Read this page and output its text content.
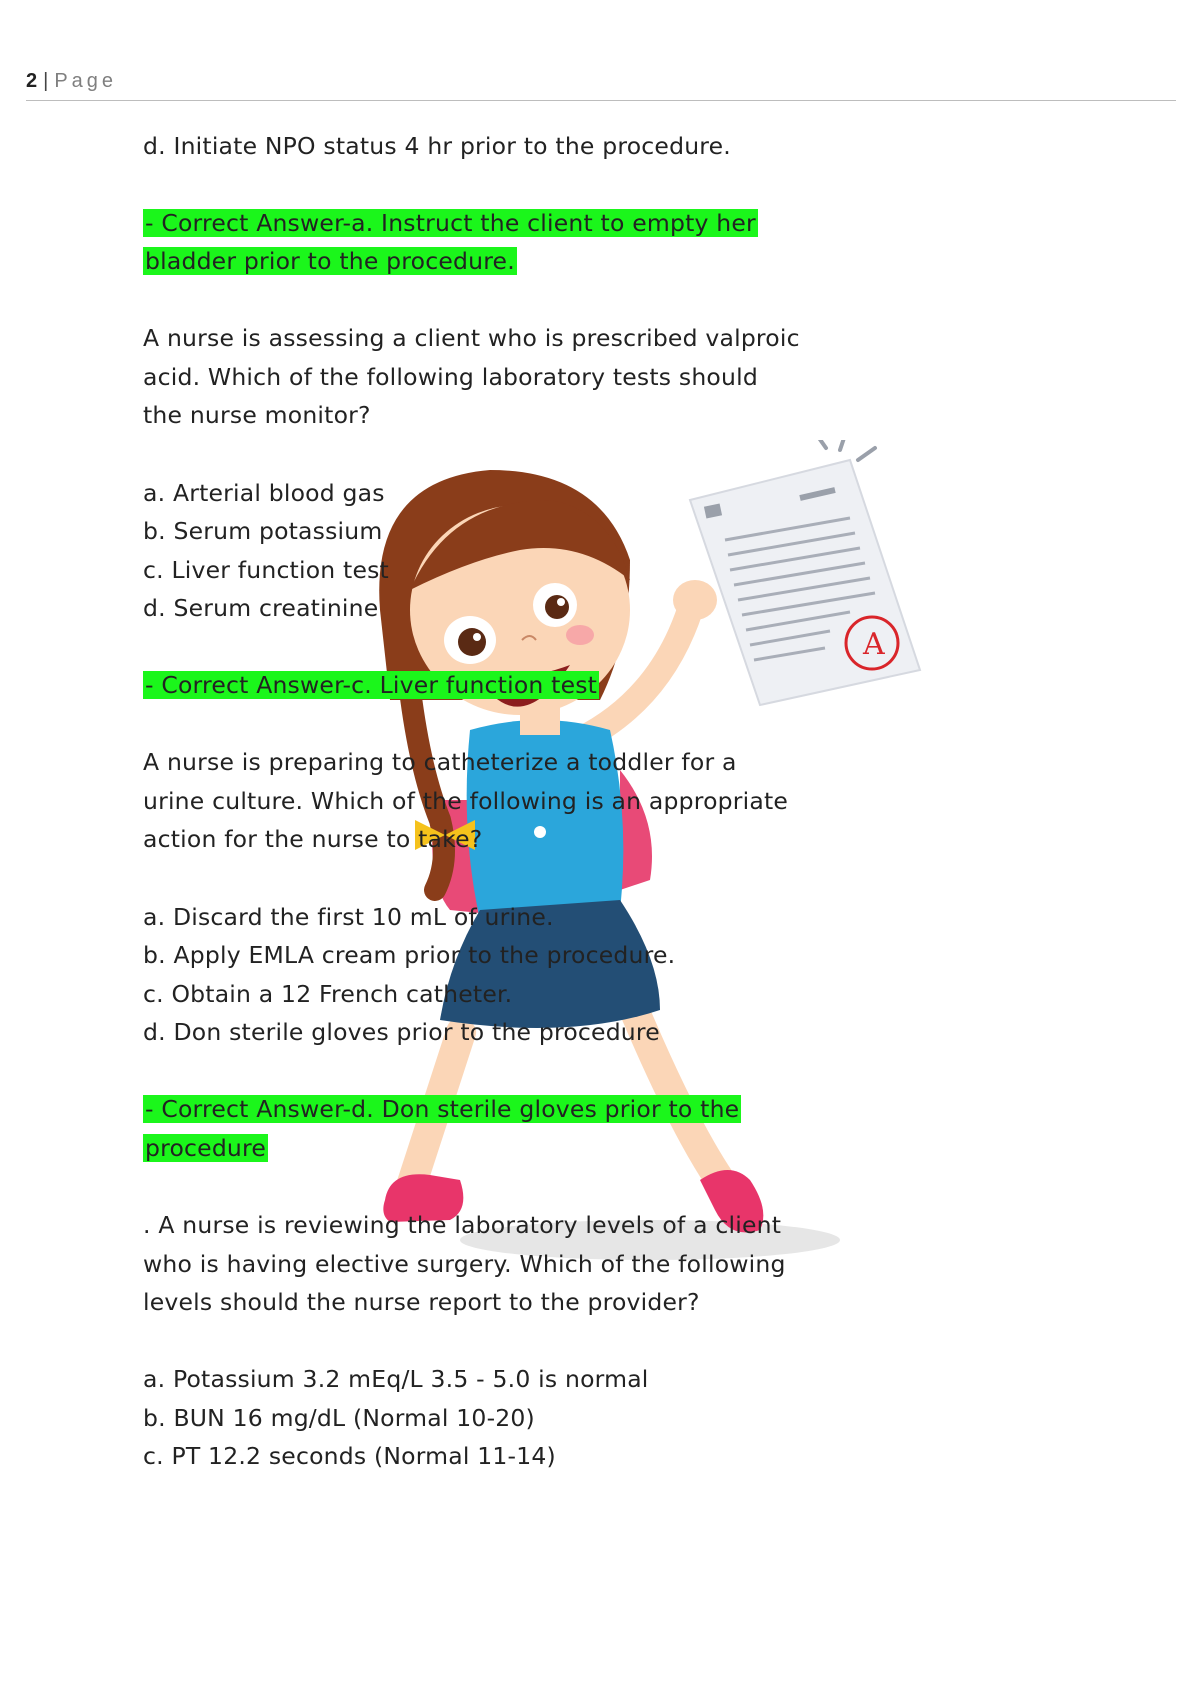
2 | Page
A
d. Initiate NPO status 4 hr prior to the procedure.
- Correct Answer-a. Instruct the client to empty her
bladder prior to the procedure.
A nurse is assessing a client who is prescribed valproic
acid. Which of the following laboratory tests should
the nurse monitor?
a. Arterial blood gas
b. Serum potassium
c. Liver function test
d. Serum creatinine
- Correct Answer-c. Liver function test
A nurse is preparing to catheterize a toddler for a
urine culture. Which of the following is an appropriate
action for the nurse to take?
a. Discard the first 10 mL of urine.
b. Apply EMLA cream prior to the procedure.
c. Obtain a 12 French catheter.
d. Don sterile gloves prior to the procedure
- Correct Answer-d. Don sterile gloves prior to the
procedure
. A nurse is reviewing the laboratory levels of a client
who is having elective surgery. Which of the following
levels should the nurse report to the provider?
a. Potassium 3.2 mEq/L 3.5 - 5.0 is normal
b. BUN 16 mg/dL (Normal 10-20)
c. PT 12.2 seconds (Normal 11-14)
